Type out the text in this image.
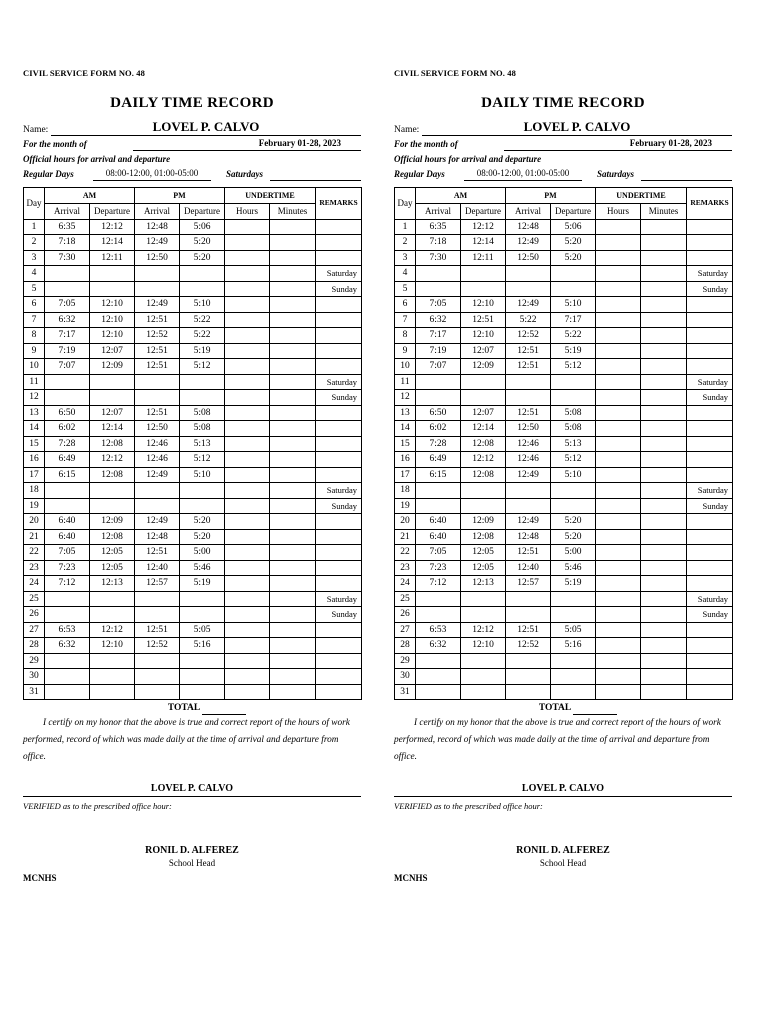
CIVIL SERVICE FORM NO. 48
DAILY TIME RECORD
Name:	LOVEL P. CALVO
For the month of	February 01-28, 2023
Official hours for arrival and departure
Regular Days	08:00-12:00, 01:00-05:00	Saturdays
Day	AM		PM		UNDERTIME		REMARKS
	Arrival	Departure	Arrival	Departure	Hours	Minutes	
1	6:35	12:12	12:48	5:06			
2	7:18	12:14	12:49	5:20			
3	7:30	12:11	12:50	5:20			
4							Saturday
5							Sunday
6	7:05	12:10	12:49	5:10			
7	6:32	12:10	12:51	5:22			
8	7:17	12:10	12:52	5:22			
9	7:19	12:07	12:51	5:19			
10	7:07	12:09	12:51	5:12			
11							Saturday
12							Sunday
13	6:50	12:07	12:51	5:08			
14	6:02	12:14	12:50	5:08			
15	7:28	12:08	12:46	5:13			
16	6:49	12:12	12:46	5:12			
17	6:15	12:08	12:49	5:10			
18							Saturday
19							Sunday
20	6:40	12:09	12:49	5:20			
21	6:40	12:08	12:48	5:20			
22	7:05	12:05	12:51	5:00			
23	7:23	12:05	12:40	5:46			
24	7:12	12:13	12:57	5:19			
25							Saturday
26							Sunday
27	6:53	12:12	12:51	5:05			
28	6:32	12:10	12:52	5:16			
29							
30							
31							
TOTAL
I certify on my honor that the above is true and correct report of the hours of work performed, record of which was made daily at the time of arrival and departure from office.
LOVEL P. CALVO
VERIFIED as to the prescribed office hour:
RONIL D. ALFEREZ
School Head
MCNHS
CIVIL SERVICE FORM NO. 48
DAILY TIME RECORD
Name:	LOVEL P. CALVO
For the month of	February 01-28, 2023
Official hours for arrival and departure
Regular Days	08:00-12:00, 01:00-05:00	Saturdays
Day	AM		PM		UNDERTIME		REMARKS
	Arrival	Departure	Arrival	Departure	Hours	Minutes	
1	6:35	12:12	12:48	5:06			
2	7:18	12:14	12:49	5:20			
3	7:30	12:11	12:50	5:20			
4							Saturday
5							Sunday
6	7:05	12:10	12:49	5:10			
7	6:32	12:51	5:22	7:17			
8	7:17	12:10	12:52	5:22			
9	7:19	12:07	12:51	5:19			
10	7:07	12:09	12:51	5:12			
11							Saturday
12							Sunday
13	6:50	12:07	12:51	5:08			
14	6:02	12:14	12:50	5:08			
15	7:28	12:08	12:46	5:13			
16	6:49	12:12	12:46	5:12			
17	6:15	12:08	12:49	5:10			
18							Saturday
19							Sunday
20	6:40	12:09	12:49	5:20			
21	6:40	12:08	12:48	5:20			
22	7:05	12:05	12:51	5:00			
23	7:23	12:05	12:40	5:46			
24	7:12	12:13	12:57	5:19			
25							Saturday
26							Sunday
27	6:53	12:12	12:51	5:05			
28	6:32	12:10	12:52	5:16			
29							
30							
31							
TOTAL
I certify on my honor that the above is true and correct report of the hours of work performed, record of which was made daily at the time of arrival and departure from office.
LOVEL P. CALVO
VERIFIED as to the prescribed office hour:
RONIL D. ALFEREZ
School Head
MCNHS
